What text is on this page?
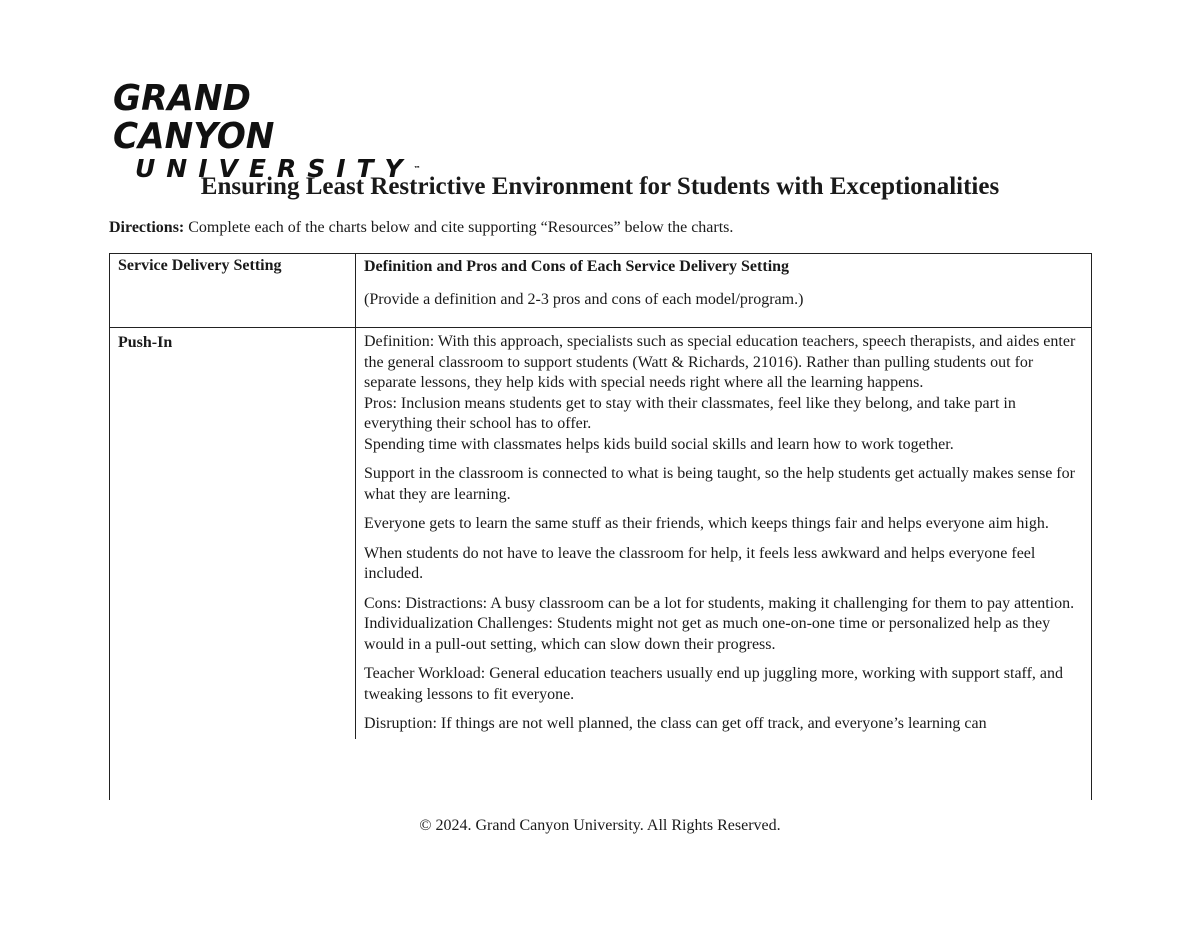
GRAND CANYON
UNIVERSITY™
Ensuring Least Restrictive Environment for Students with Exceptionalities

Directions: Complete each of the charts below and cite supporting “Resources” below the charts.

Service Delivery Setting	Definition and Pros and Cons of Each Service Delivery Setting
(Provide a definition and 2-3 pros and cons of each model/program.)
Push-In	Definition: With this approach, specialists such as special education teachers, speech therapists, and aides enter the general classroom to support students (Watt & Richards, 21016). Rather than pulling students out for separate lessons, they help kids with special needs right where all the learning happens.
Pros: Inclusion means students get to stay with their classmates, feel like they belong, and take part in everything their school has to offer.
Spending time with classmates helps kids build social skills and learn how to work together.
Support in the classroom is connected to what is being taught, so the help students get actually makes sense for what they are learning.
Everyone gets to learn the same stuff as their friends, which keeps things fair and helps everyone aim high.
When students do not have to leave the classroom for help, it feels less awkward and helps everyone feel included.
Cons: Distractions: A busy classroom can be a lot for students, making it challenging for them to pay attention.
Individualization Challenges: Students might not get as much one-on-one time or personalized help as they would in a pull-out setting, which can slow down their progress.
Teacher Workload: General education teachers usually end up juggling more, working with support staff, and tweaking lessons to fit everyone.
Disruption: If things are not well planned, the class can get off track, and everyone’s learning can
© 2024. Grand Canyon University. All Rights Reserved.
